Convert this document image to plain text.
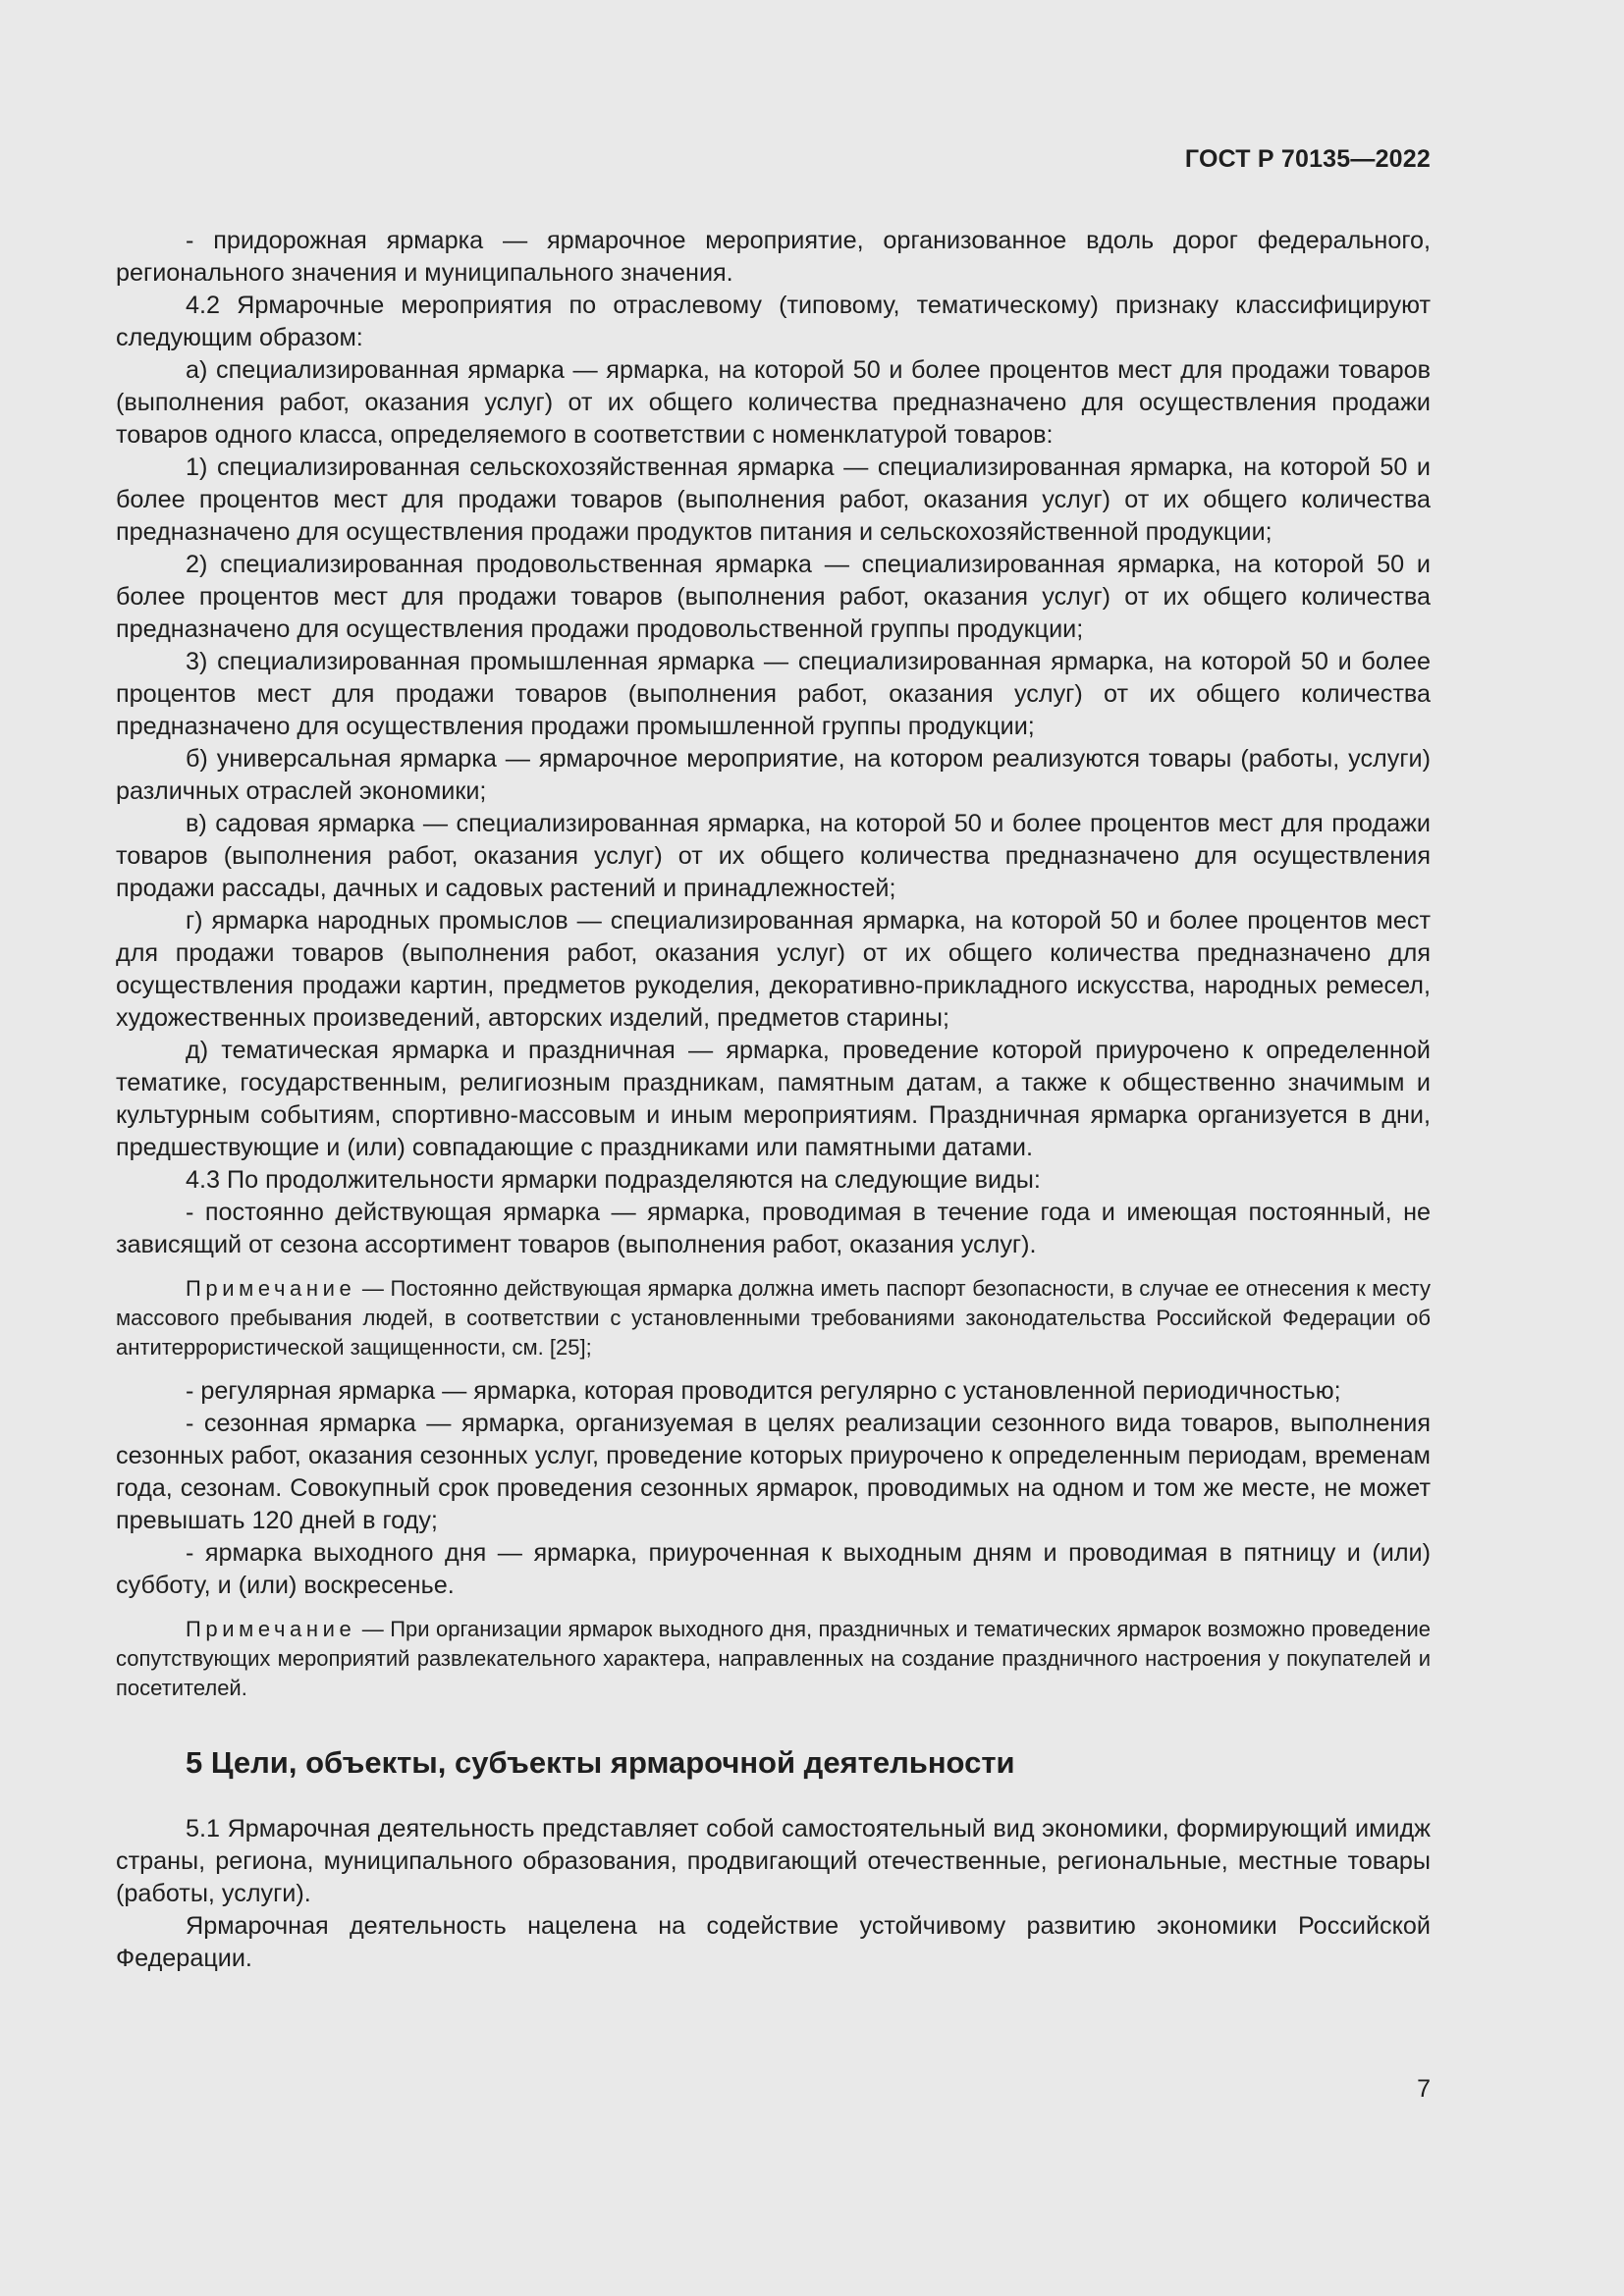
ГОСТ Р 70135—2022

- придорожная ярмарка — ярмарочное мероприятие, организованное вдоль дорог федерального, регионального значения и муниципального значения.

4.2 Ярмарочные мероприятия по отраслевому (типовому, тематическому) признаку классифицируют следующим образом:

а) специализированная ярмарка — ярмарка, на которой 50 и более процентов мест для продажи товаров (выполнения работ, оказания услуг) от их общего количества предназначено для осуществления продажи товаров одного класса, определяемого в соответствии с номенклатурой товаров:

1) специализированная сельскохозяйственная ярмарка — специализированная ярмарка, на которой 50 и более процентов мест для продажи товаров (выполнения работ, оказания услуг) от их общего количества предназначено для осуществления продажи продуктов питания и сельскохозяйственной продукции;

2) специализированная продовольственная ярмарка — специализированная ярмарка, на которой 50 и более процентов мест для продажи товаров (выполнения работ, оказания услуг) от их общего количества предназначено для осуществления продажи продовольственной группы продукции;

3) специализированная промышленная ярмарка — специализированная ярмарка, на которой 50 и более процентов мест для продажи товаров (выполнения работ, оказания услуг) от их общего количества предназначено для осуществления продажи промышленной группы продукции;

б) универсальная ярмарка — ярмарочное мероприятие, на котором реализуются товары (работы, услуги) различных отраслей экономики;

в) садовая ярмарка — специализированная ярмарка, на которой 50 и более процентов мест для продажи товаров (выполнения работ, оказания услуг) от их общего количества предназначено для осуществления продажи рассады, дачных и садовых растений и принадлежностей;

г) ярмарка народных промыслов — специализированная ярмарка, на которой 50 и более процентов мест для продажи товаров (выполнения работ, оказания услуг) от их общего количества предназначено для осуществления продажи картин, предметов рукоделия, декоративно-прикладного искусства, народных ремесел, художественных произведений, авторских изделий, предметов старины;

д) тематическая ярмарка и праздничная — ярмарка, проведение которой приурочено к определенной тематике, государственным, религиозным праздникам, памятным датам, а также к общественно значимым и культурным событиям, спортивно-массовым и иным мероприятиям. Праздничная ярмарка организуется в дни, предшествующие и (или) совпадающие с праздниками или памятными датами.

4.3 По продолжительности ярмарки подразделяются на следующие виды:

- постоянно действующая ярмарка — ярмарка, проводимая в течение года и имеющая постоянный, не зависящий от сезона ассортимент товаров (выполнения работ, оказания услуг).

Примечание — Постоянно действующая ярмарка должна иметь паспорт безопасности, в случае ее отнесения к месту массового пребывания людей, в соответствии с установленными требованиями законодательства Российской Федерации об антитеррористической защищенности, см. [25];

- регулярная ярмарка — ярмарка, которая проводится регулярно с установленной периодичностью;

- сезонная ярмарка — ярмарка, организуемая в целях реализации сезонного вида товаров, выполнения сезонных работ, оказания сезонных услуг, проведение которых приурочено к определенным периодам, временам года, сезонам. Совокупный срок проведения сезонных ярмарок, проводимых на одном и том же месте, не может превышать 120 дней в году;

- ярмарка выходного дня — ярмарка, приуроченная к выходным дням и проводимая в пятницу и (или) субботу, и (или) воскресенье.

Примечание — При организации ярмарок выходного дня, праздничных и тематических ярмарок возможно проведение сопутствующих мероприятий развлекательного характера, направленных на создание праздничного настроения у покупателей и посетителей.

5 Цели, объекты, субъекты ярмарочной деятельности

5.1 Ярмарочная деятельность представляет собой самостоятельный вид экономики, формирующий имидж страны, региона, муниципального образования, продвигающий отечественные, региональные, местные товары (работы, услуги).

Ярмарочная деятельность нацелена на содействие устойчивому развитию экономики Российской Федерации.

7
